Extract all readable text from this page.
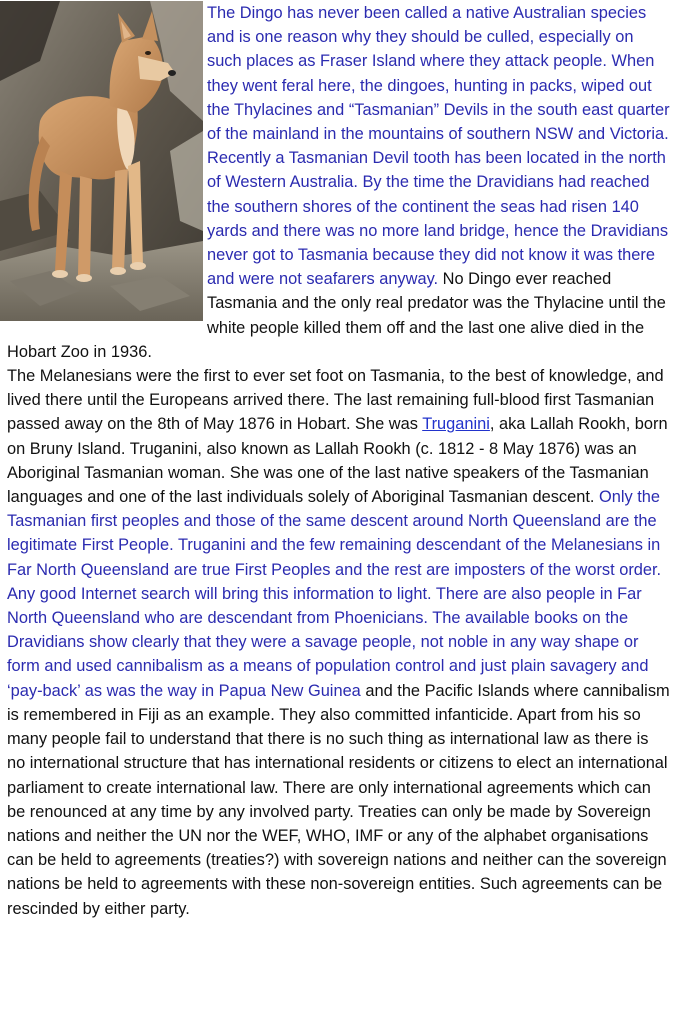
The Dingo has never been called a native Australian species and is one reason why they should be culled, especially on such places as Fraser Island where they attack people. When they went feral here, the dingoes, hunting in packs, wiped out the Thylacines and “Tasmanian” Devils in the south east quarter of the mainland in the mountains of southern NSW and Victoria. Recently a Tasmanian Devil tooth has been located in the north of Western Australia. By the time the Dravidians had reached the southern shores of the continent the seas had risen 140 yards and there was no more land bridge, hence the Dravidians never got to Tasmania because they did not know it was there and were not seafarers anyway. No Dingo ever reached Tasmania and the only real predator was the Thylacine until the white people killed them off and the last one alive died in the Hobart Zoo in 1936.

The Melanesians were the first to ever set foot on Tasmania, to the best of knowledge, and lived there until the Europeans arrived there. The last remaining full-blood first Tasmanian passed away on the 8th of May 1876 in Hobart. She was Truganini, aka Lallah Rookh, born on Bruny Island. Truganini, also known as Lallah Rookh (c. 1812 - 8 May 1876) was an Aboriginal Tasmanian woman. She was one of the last native speakers of the Tasmanian languages and one of the last individuals solely of Aboriginal Tasmanian descent. Only the Tasmanian first peoples and those of the same descent around North Queensland are the legitimate First People. Truganini and the few remaining descendant of the Melanesians in Far North Queensland are true First Peoples and the rest are imposters of the worst order. Any good Internet search will bring this information to light. There are also people in Far North Queensland who are descendant from Phoenicians. The available books on the Dravidians show clearly that they were a savage people, not noble in any way shape or form and used cannibalism as a means of population control and just plain savagery and ‘pay-back’ as was the way in Papua New Guinea and the Pacific Islands where cannibalism is remembered in Fiji as an example. They also committed infanticide. Apart from his so many people fail to understand that there is no such thing as international law as there is no international structure that has international residents or citizens to elect an international parliament to create international law. There are only international agreements which can be renounced at any time by any involved party. Treaties can only be made by Sovereign nations and neither the UN nor the WEF, WHO, IMF or any of the alphabet organisations can be held to agreements (treaties?) with sovereign nations and neither can the sovereign nations be held to agreements with these non-sovereign entities. Such agreements can be rescinded by either party.
